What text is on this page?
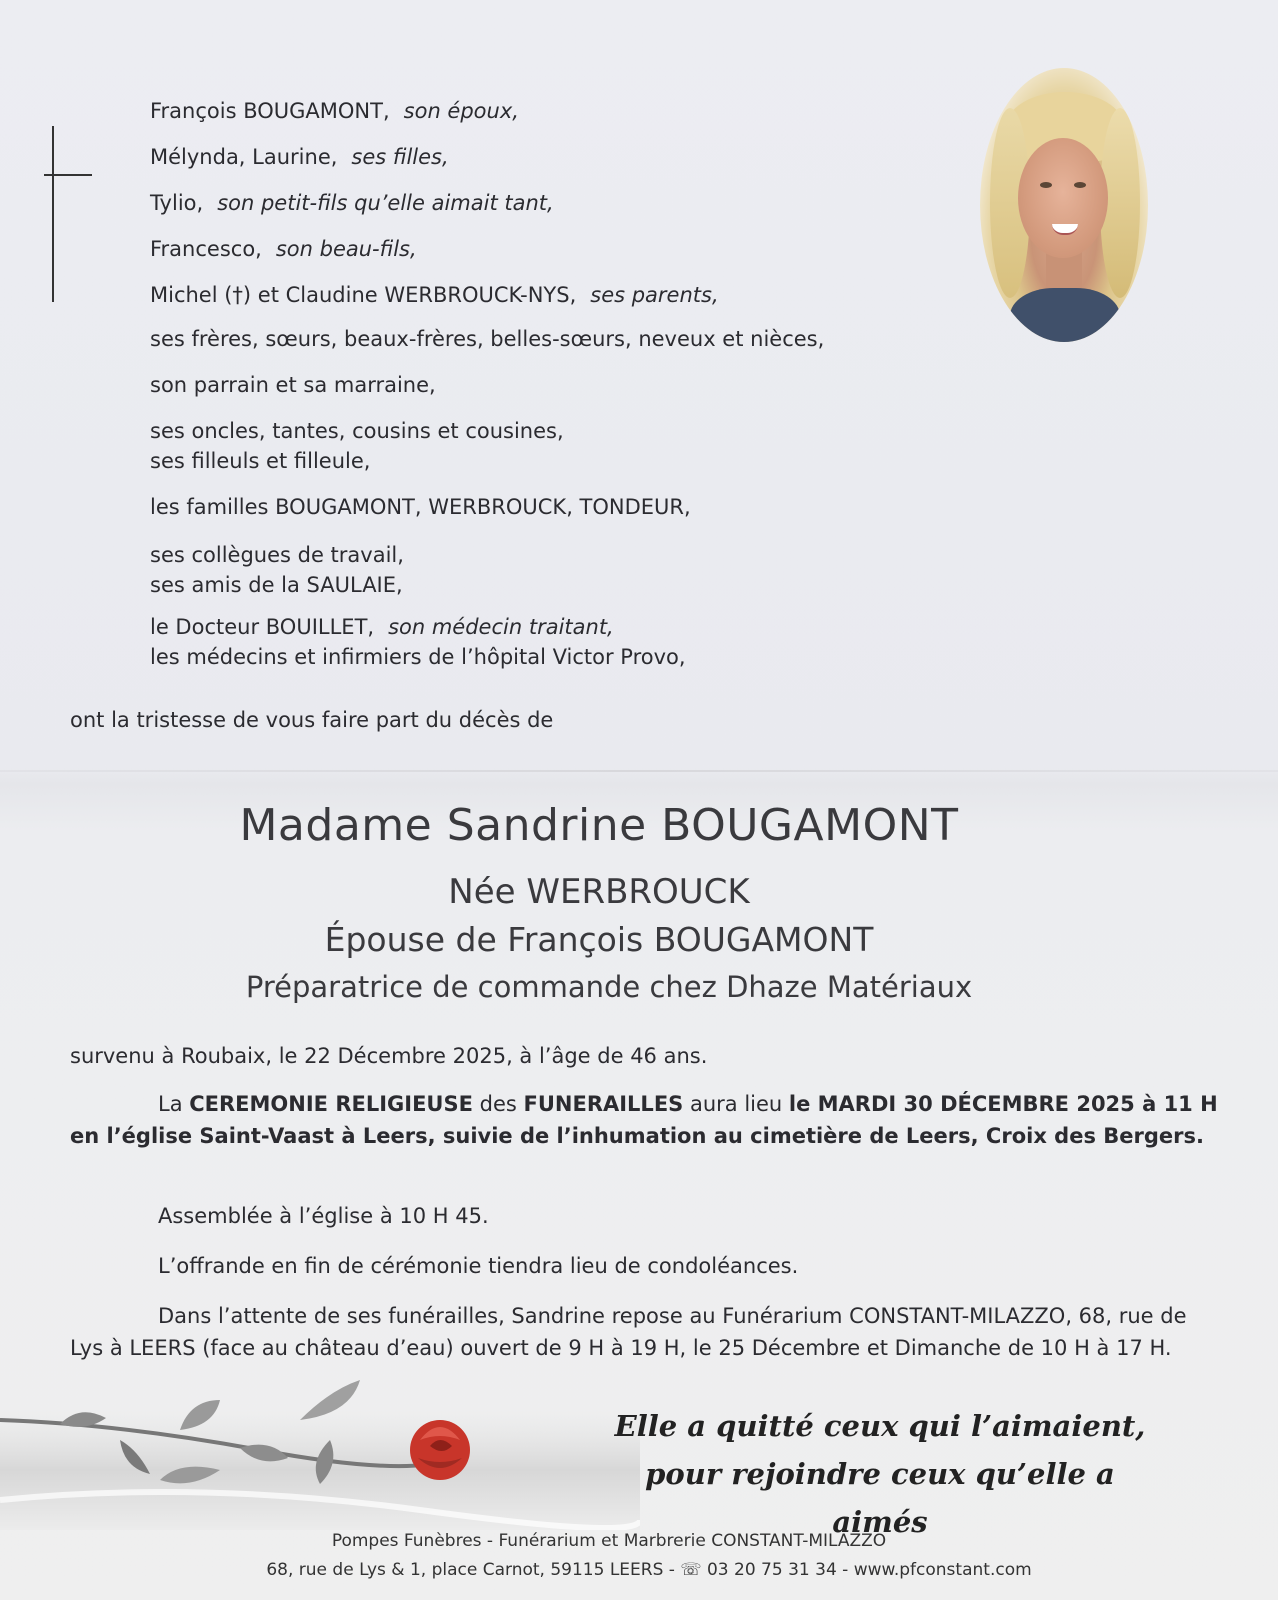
François BOUGAMONT, son époux,
Mélynda, Laurine, ses filles,
Tylio, son petit-fils qu’elle aimait tant,
Francesco, son beau-fils,
Michel (†) et Claudine WERBROUCK-NYS, ses parents,
ses frères, sœurs, beaux-frères, belles-sœurs, neveux et nièces,
son parrain et sa marraine,
ses oncles, tantes, cousins et cousines,
ses filleuls et filleule,
les familles BOUGAMONT, WERBROUCK, TONDEUR,
ses collègues de travail,
ses amis de la SAULAIE,
le Docteur BOUILLET, son médecin traitant,
les médecins et infirmiers de l’hôpital Victor Provo,
ont la tristesse de vous faire part du décès de
Madame Sandrine BOUGAMONT
Née WERBROUCK
Épouse de François BOUGAMONT
Préparatrice de commande chez Dhaze Matériaux
survenu à Roubaix, le 22 Décembre 2025, à l’âge de 46 ans.
La CEREMONIE RELIGIEUSE des FUNERAILLES aura lieu le MARDI 30 DÉCEMBRE 2025 à 11 H en l’église Saint-Vaast à Leers, suivie de l’inhumation au cimetière de Leers, Croix des Bergers.
Assemblée à l’église à 10 H 45.
L’offrande en fin de cérémonie tiendra lieu de condoléances.
Dans l’attente de ses funérailles, Sandrine repose au Funérarium CONSTANT-MILAZZO, 68, rue de Lys à LEERS (face au château d’eau) ouvert de 9 H à 19 H, le 25 Décembre et Dimanche de 10 H à 17 H.
Elle a quitté ceux qui l’aimaient,
pour rejoindre ceux qu’elle a aimés
Pompes Funèbres - Funérarium et Marbrerie CONSTANT-MILAZZO
68, rue de Lys & 1, place Carnot, 59115 LEERS - ☏ 03 20 75 31 34 - www.pfconstant.com
